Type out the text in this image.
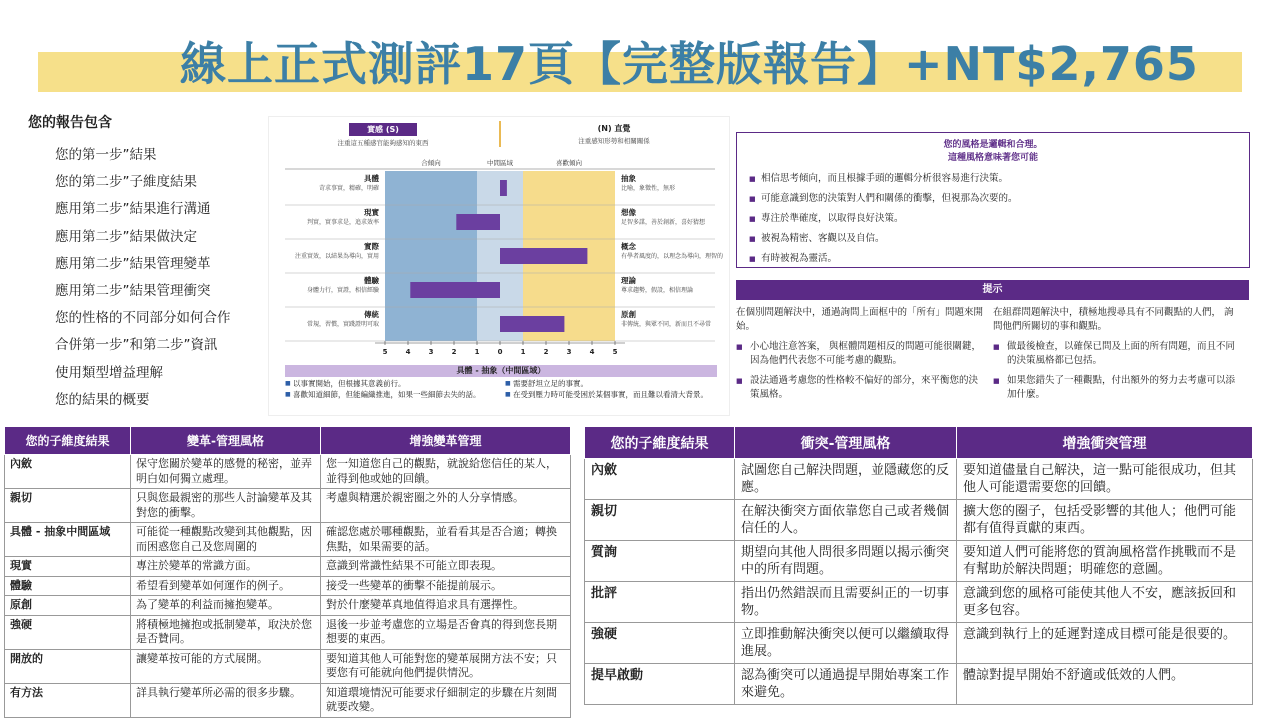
線上正式測評17頁【完整版報告】+NT$2,765
您的報告包含
您的第一步”結果
您的第二步”子維度結果
應用第二步”結果進行溝通
應用第二步”結果做決定
應用第二步”結果管理變革
應用第二步”結果管理衝突
您的性格的不同部分如何合作
合併第一步”和第二步”資訊
使用類型增益理解
您的結果的概要
實感 (S)
注重這五種感官能夠感知的東西
(N) 直覺
注重感知形勢和相關關係
合傾向	中間區域	喜歡傾向
具體
苛求事實，精確，明確
抽象
比喻，象徵性，無形
現實
判實，實事求是，追求效率
想像
足智多謀，善於創新，喜好猜想
實際
注重實效，以結果為導向，實用
概念
有學者風度的，以理念為導向，理智的
體驗
身體力行，實證，相信經驗
理論
尊求趨勢，假設，相信理論
傳統
常規，習慣，實踐證明可取
原創
非傳統，與眾不同，新而且不尋常
5	4	3	2	1	0	1	2	3	4	5
具體 - 抽象（中間區域）
■ 以事實開始，但根據其意義前行。
■ 喜歡知道細節，但能編織推進，如果一些細節去失的話。
■ 需要舒坦立足的事實。
■ 在受到壓力時可能受困於某個事實，而且難以看清大背景。
您的風格是邏輯和合理。
這種風格意味著您可能
■ 相信思考傾向，而且根據手頭的邏輯分析很容易進行決策。
■ 可能意識到您的決策對人們和關係的衝擊，但視那為次要的。
■ 專注於準確度，以取得良好決策。
■ 被視為精密、客觀以及自信。
■ 有時被視為靈活。
提示

在個別問題解決中，通過詢問上面框中的「所有」問題來開始。

■ 小心地注意答案， 與框體問題相反的問題可能很關鍵，因為他們代表您不可能考慮的觀點。
■ 設法通過考慮您的性格較不偏好的部分，來平衡您的決策風格。

在組群問題解決中，積極地搜尋具有不同觀點的人們， 詢問他們所關切的事和觀點。

■ 做最後檢查，以確保已問及上面的所有問題，而且不同的決策風格都已包括。
■ 如果您錯失了一種觀點，付出額外的努力去考慮可以添加什麼。
您的子維度結果	變革-管理風格	增強變革管理
內斂	保守您關於變革的感覺的秘密，並弄明白如何獨立處理。	您一知道您自己的觀點，就說給您信任的某人，並得到他或她的回饋。
親切	只與您最親密的那些人討論變革及其對您的衝擊。	考慮與精選於親密圈之外的人分享情感。
具體 - 抽象中間區域	可能從一種觀點改變到其他觀點，因而困惑您自己及您周圍的	確認您處於哪種觀點，並看看其是否合適；轉換焦點，如果需要的話。
現實	專注於變革的常識方面。	意識到常識性結果不可能立即表現。
體驗	希望看到變革如何運作的例子。	接受一些變革的衝擊不能提前展示。
原創	為了變革的利益而擁抱變革。	對於什麼變革真地值得追求具有選擇性。
強硬	將積極地擁抱或抵制變革，取決於您是否贊同。	退後一步並考慮您的立場是否會真的得到您長期想要的東西。
開放的	讓變革按可能的方式展開。	要知道其他人可能對您的變革展開方法不安；只要您有可能就向他們提供情況。
有方法	詳具執行變革所必需的很多步驟。	知道環境情況可能要求仔細制定的步驟在片刻間就要改變。
您的子維度結果	衝突-管理風格	增強衝突管理
內斂	試圖您自己解決問題，並隱藏您的反應。	要知道儘量自己解決，這一點可能很成功，但其他人可能還需要您的回饋。
親切	在解決衝突方面依靠您自己或者幾個信任的人。	擴大您的圈子，包括受影響的其他人；他們可能都有值得貢獻的東西。
質詢	期望向其他人問很多問題以揭示衝突中的所有問題。	要知道人們可能將您的質詢風格當作挑戰而不是有幫助於解決問題；明確您的意圖。
批評	指出仍然錯誤而且需要糾正的一切事物。	意識到您的風格可能使其他人不安，應該扳回和更多包容。
強硬	立即推動解決衝突以便可以繼續取得進展。	意識到執行上的延遲對達成目標可能是很要的。
提早啟動	認為衝突可以通過提早開始專案工作來避免。	體諒對提早開始不舒適或低效的人們。
